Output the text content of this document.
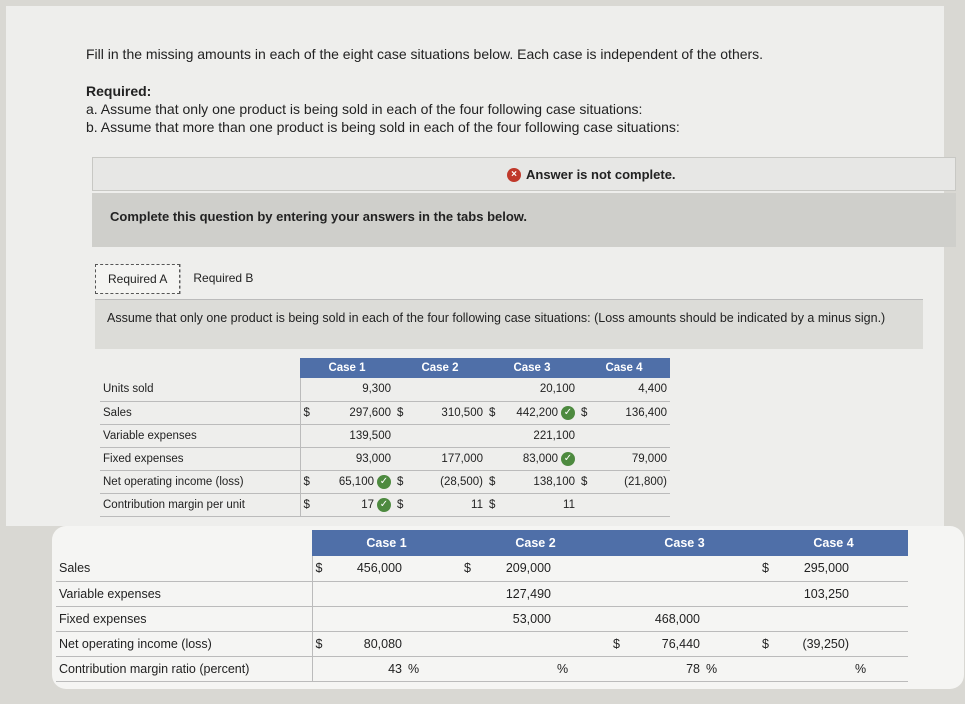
Fill in the missing amounts in each of the eight case situations below. Each case is independent of the others.
Required:
a. Assume that only one product is being sold in each of the four following case situations:
b. Assume that more than one product is being sold in each of the four following case situations:
× Answer is not complete.
Complete this question by entering your answers in the tabs below.
Required A	Required B
Assume that only one product is being sold in each of the four following case situations: (Loss amounts should be indicated by a minus sign.)
	Case 1		Case 2		Case 3		Case 4	
Units sold		9,300				20,100		4,400
Sales	$	297,600	$	310,500	$	442,200 ✓	$	136,400
Variable expenses		139,500				221,100		
Fixed expenses		93,000		177,000		83,000 ✓		79,000
Net operating income (loss)	$	65,100 ✓	$	(28,500)	$	138,100	$	(21,800)
Contribution margin per unit	$	17 ✓	$	11	$	11		
	Case 1			Case 2			Case 3			Case 4		
Sales	$	456,000		$	209,000					$	295,000	
Variable expenses					127,490						103,250	
Fixed expenses					53,000			468,000				
Net operating income (loss)	$	80,080					$	76,440		$	(39,250)	
Contribution margin ratio (percent)		43	%			%		78	%			%
